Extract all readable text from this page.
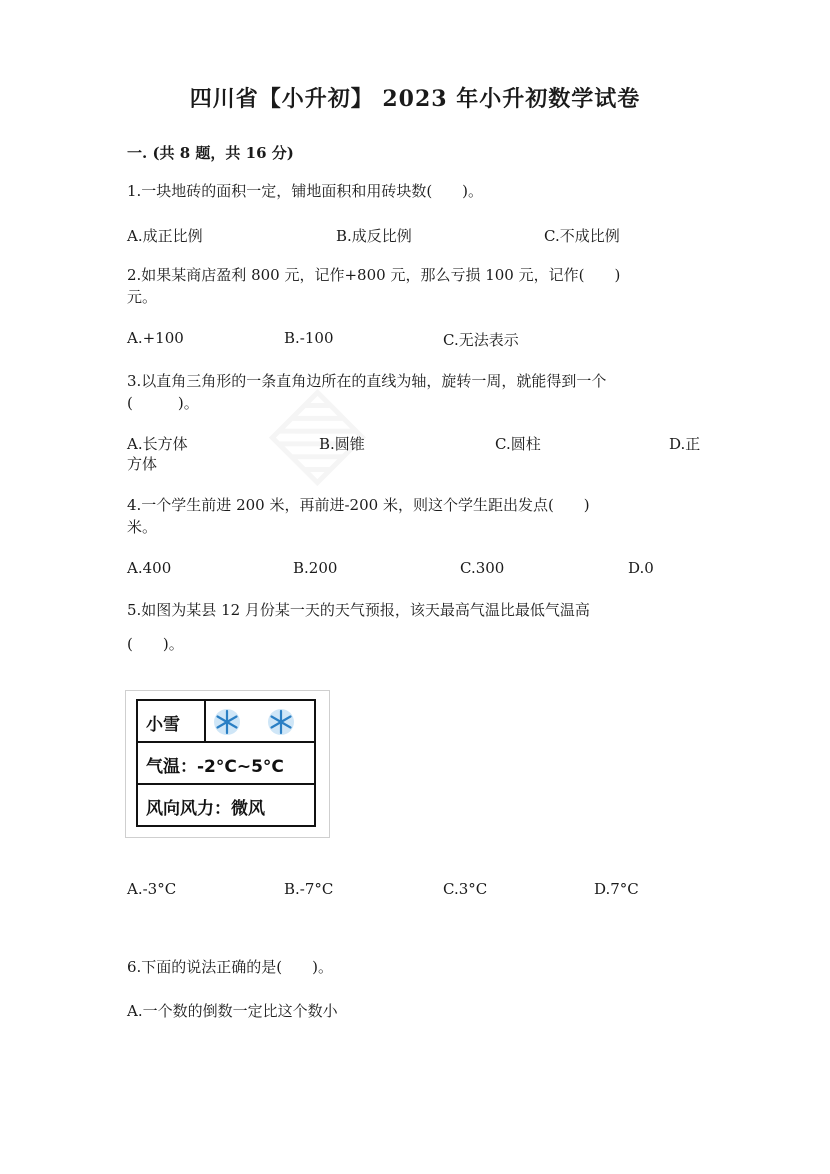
四川省【小升初】 2023 年小升初数学试卷
一. (共 8 题，共 16 分)
1.一块地砖的面积一定，铺地面积和用砖块数(　　)。
A.成正比例	B.成反比例	C.不成比例
2.如果某商店盈利 800 元，记作+800 元，那么亏损 100 元，记作(　　)
元。
A.+100	B.-100	C.无法表示
3.以直角三角形的一条直角边所在的直线为轴，旋转一周，就能得到一个
(　　　)。
A.长方体	B.圆锥	C.圆柱	D.正
方体
4.一个学生前进 200 米，再前进-200 米，则这个学生距出发点(　　)
米。
A.400	B.200	C.300	D.0
5.如图为某县 12 月份某一天的天气预报，该天最高气温比最低气温高
(　　)。
小雪
气温：-2°C~5°C
风向风力：微风
A.-3°C	B.-7°C	C.3°C	D.7°C
6.下面的说法正确的是(　　)。
A.一个数的倒数一定比这个数小
